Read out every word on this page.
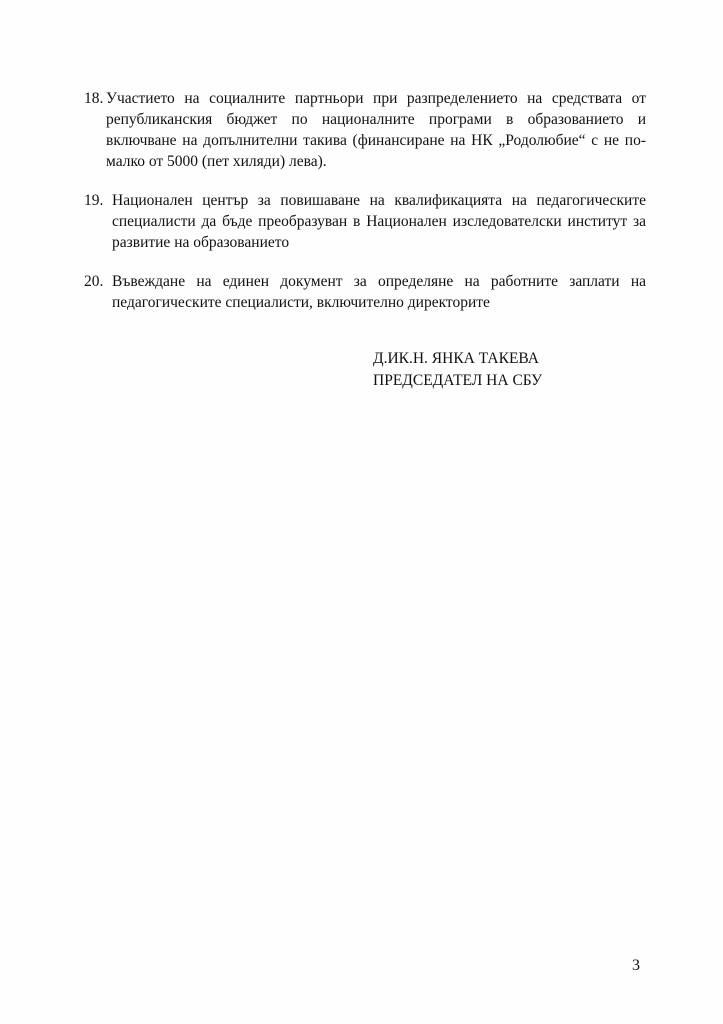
18. Участието на социалните партньори при разпределението на средствата от републиканския бюджет по националните програми в образованието и включване на допълнителни такива (финансиране на НК „Родолюбие“ с не по-малко от 5000 (пет хиляди) лева).
19. Национален център за повишаване на квалификацията на педагогическите специалисти да бъде преобразуван в Национален изследователски институт за развитие на образованието
20. Въвеждане на единен документ за определяне на работните заплати на педагогическите специалисти, включително директорите
Д.ИК.Н. ЯНКА ТАКЕВА
ПРЕДСЕДАТЕЛ НА СБУ
3
